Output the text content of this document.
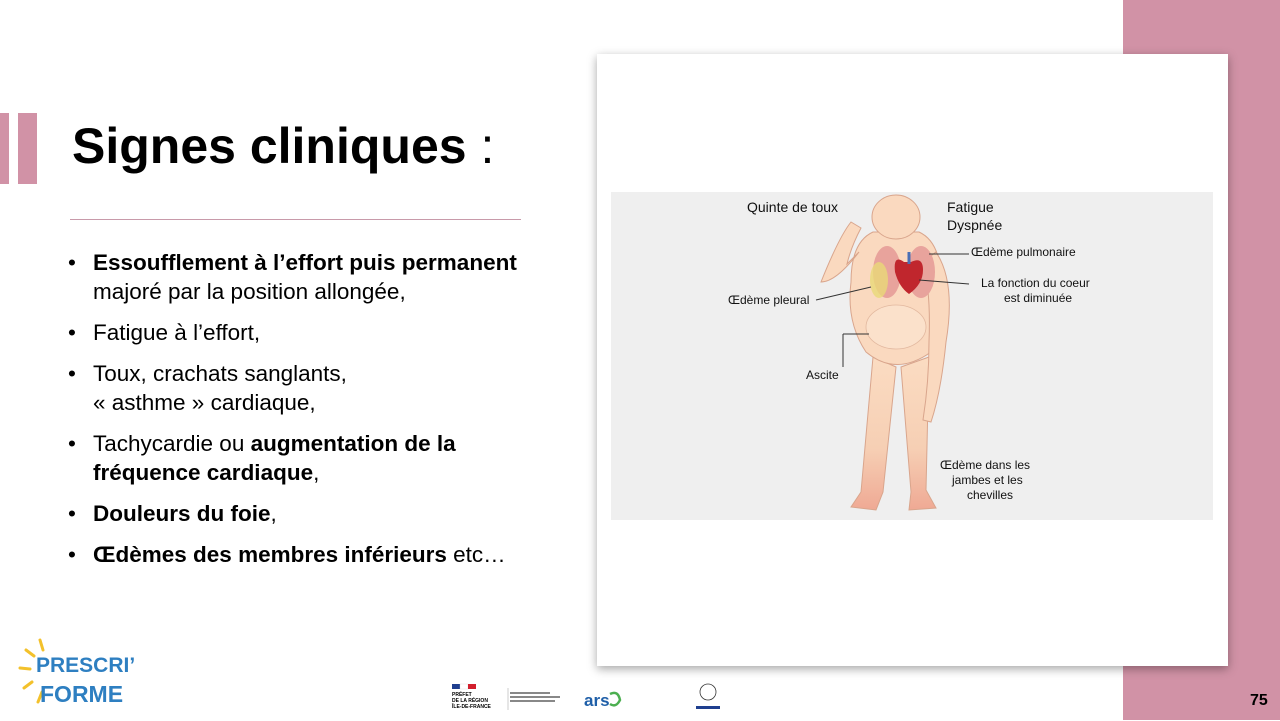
Signes cliniques :
• Essoufflement à l’effort puis permanent majoré par la position allongée,
• Fatigue à l’effort,
• Toux, crachats sanglants,
« asthme » cardiaque,
• Tachycardie ou augmentation de la fréquence cardiaque,
• Douleurs du foie,
• Œdèmes des membres inférieurs etc…
Quinte de toux	Fatigue
Dyspnée
Œdème pulmonaire
La fonction du coeur
est diminuée
Œdème pleural
Ascite
Œdème dans les
jambes et les
chevilles
PRESCRI’
FORME	PRÉFET
DE LA RÉGION
ÎLE-DE-FRANCE	ars	75
